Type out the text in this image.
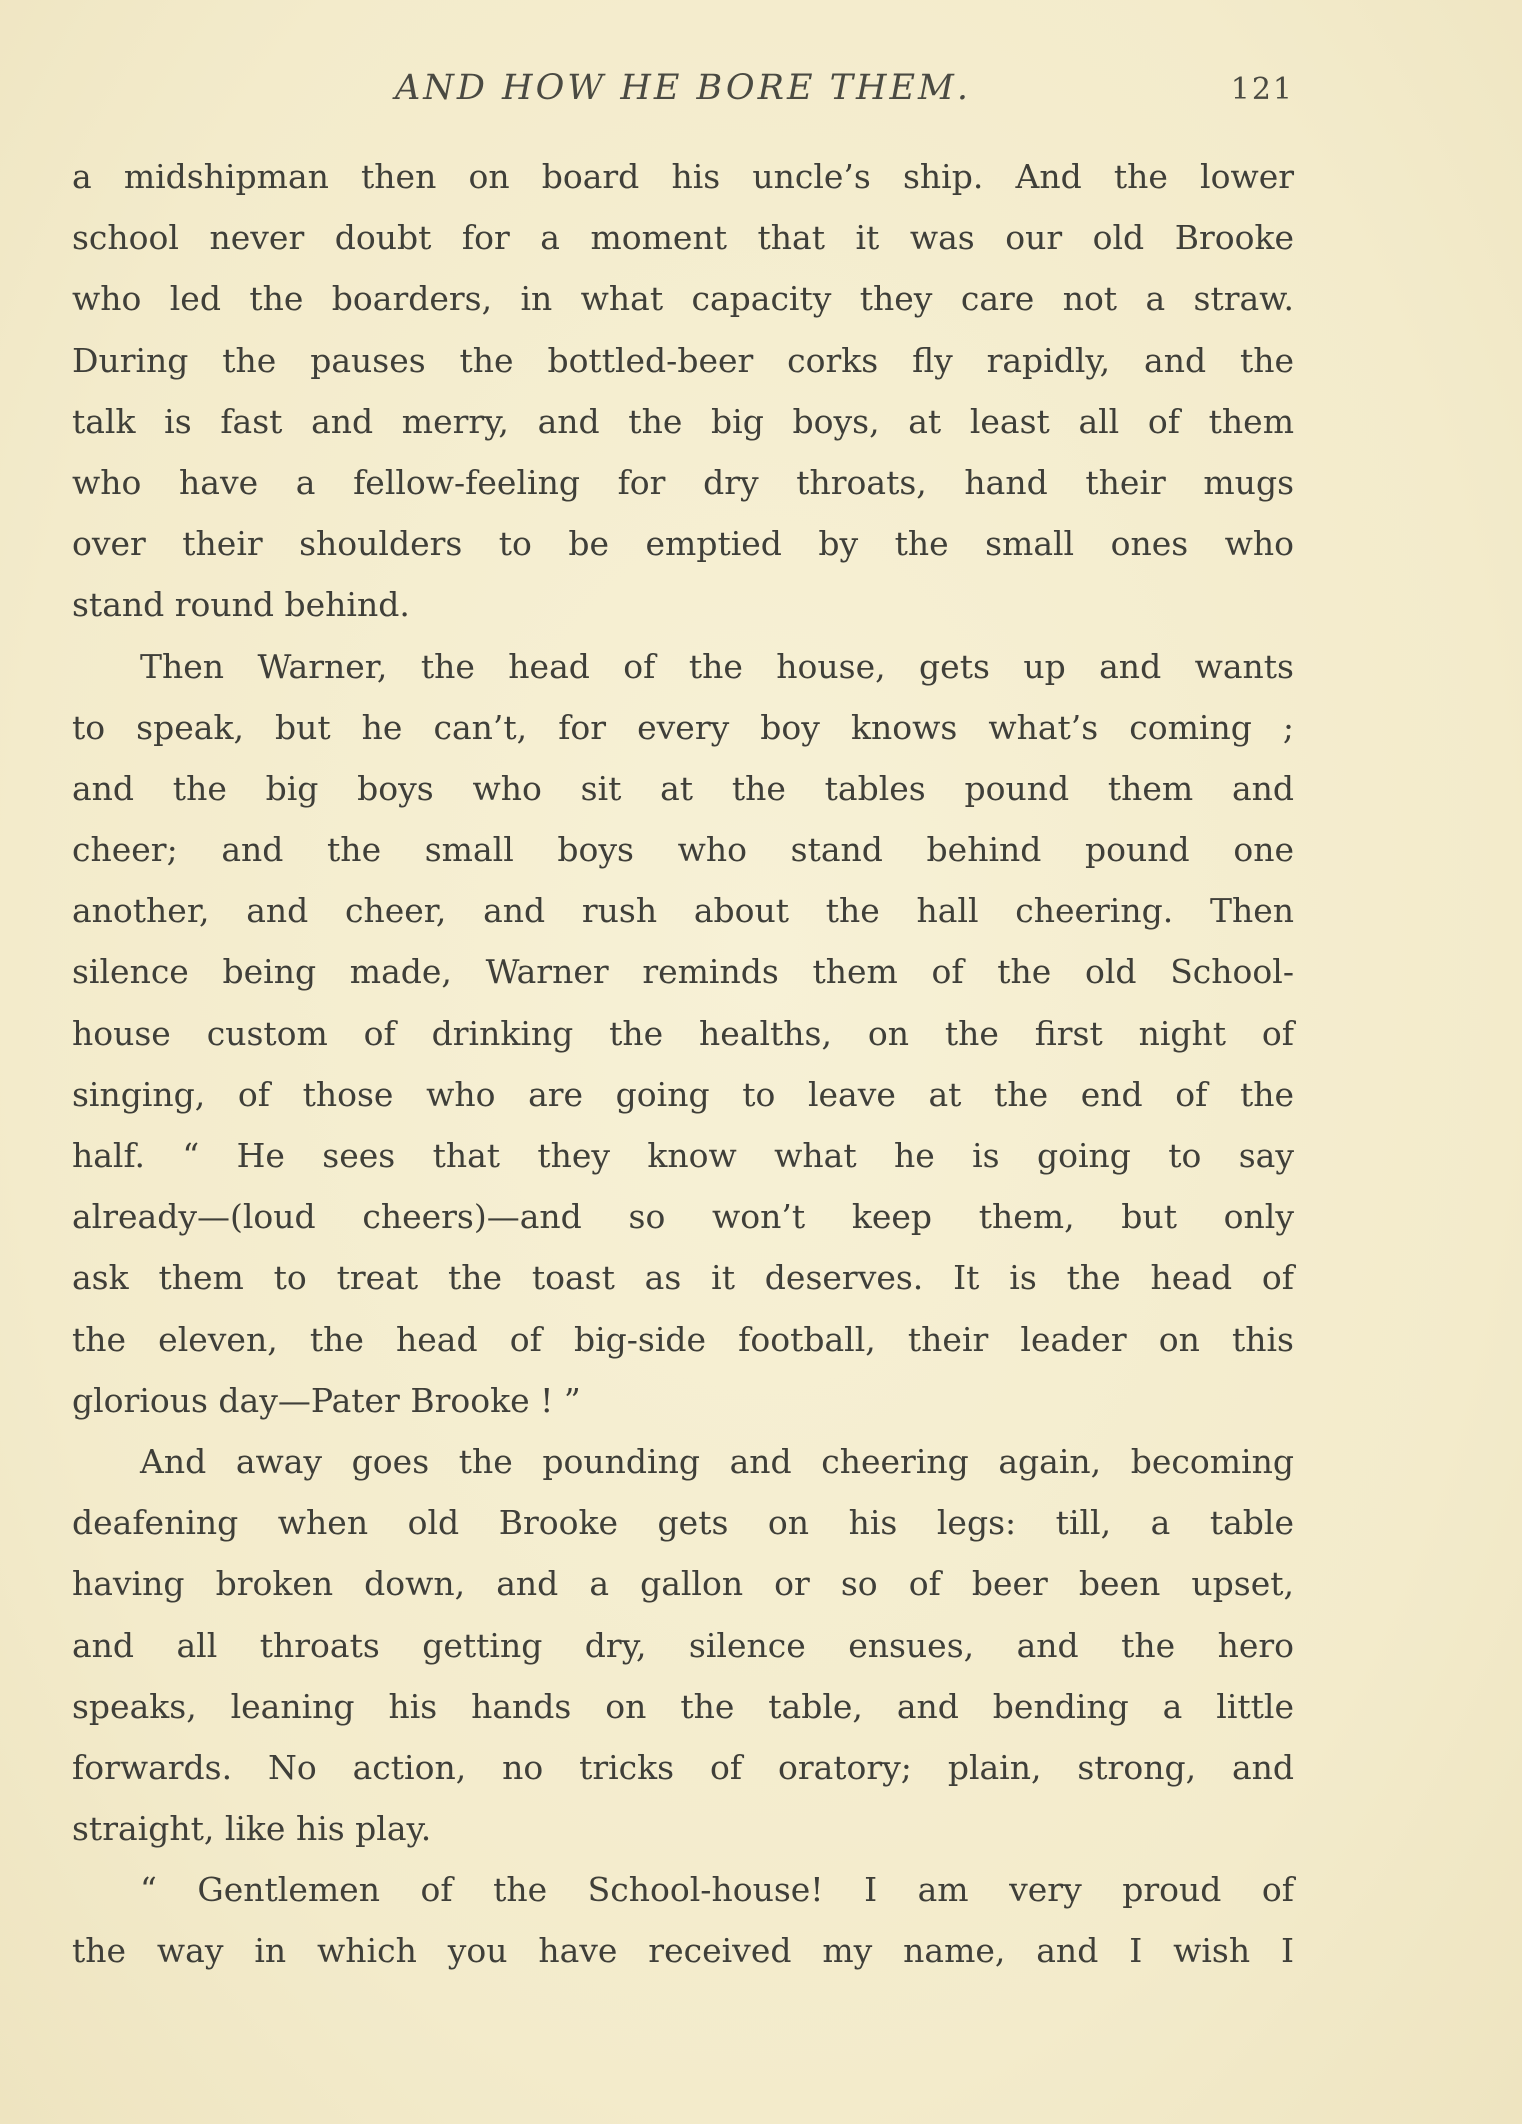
AND HOW HE BORE THEM.	121
a midshipman then on board his uncle’s ship. And the lower
school never doubt for a moment that it was our old Brooke
who led the boarders, in what capacity they care not a straw.
During the pauses the bottled-beer corks fly rapidly, and the
talk is fast and merry, and the big boys, at least all of them
who have a fellow-feeling for dry throats, hand their mugs
over their shoulders to be emptied by the small ones who
stand round behind.
Then Warner, the head of the house, gets up and wants
to speak, but he can’t, for every boy knows what’s coming ;
and the big boys who sit at the tables pound them and
cheer; and the small boys who stand behind pound one
another, and cheer, and rush about the hall cheering. Then
silence being made, Warner reminds them of the old School-
house custom of drinking the healths, on the first night of
singing, of those who are going to leave at the end of the
half. “ He sees that they know what he is going to say
already—(loud cheers)—and so won’t keep them, but only
ask them to treat the toast as it deserves. It is the head of
the eleven, the head of big-side football, their leader on this
glorious day—Pater Brooke ! ”
And away goes the pounding and cheering again, becoming
deafening when old Brooke gets on his legs: till, a table
having broken down, and a gallon or so of beer been upset,
and all throats getting dry, silence ensues, and the hero
speaks, leaning his hands on the table, and bending a little
forwards. No action, no tricks of oratory; plain, strong, and
straight, like his play.
“ Gentlemen of the School-house! I am very proud of
the way in which you have received my name, and I wish I
